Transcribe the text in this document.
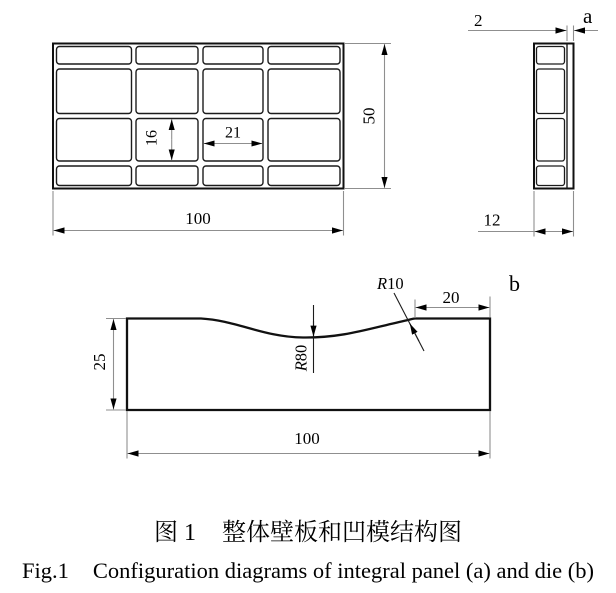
16	21
100
50
2	a
12
25
100
20
R10
R80
b
图 1 整体壁板和凹模结构图
Fig.1 Configuration diagrams of integral panel (a) and die (b)
